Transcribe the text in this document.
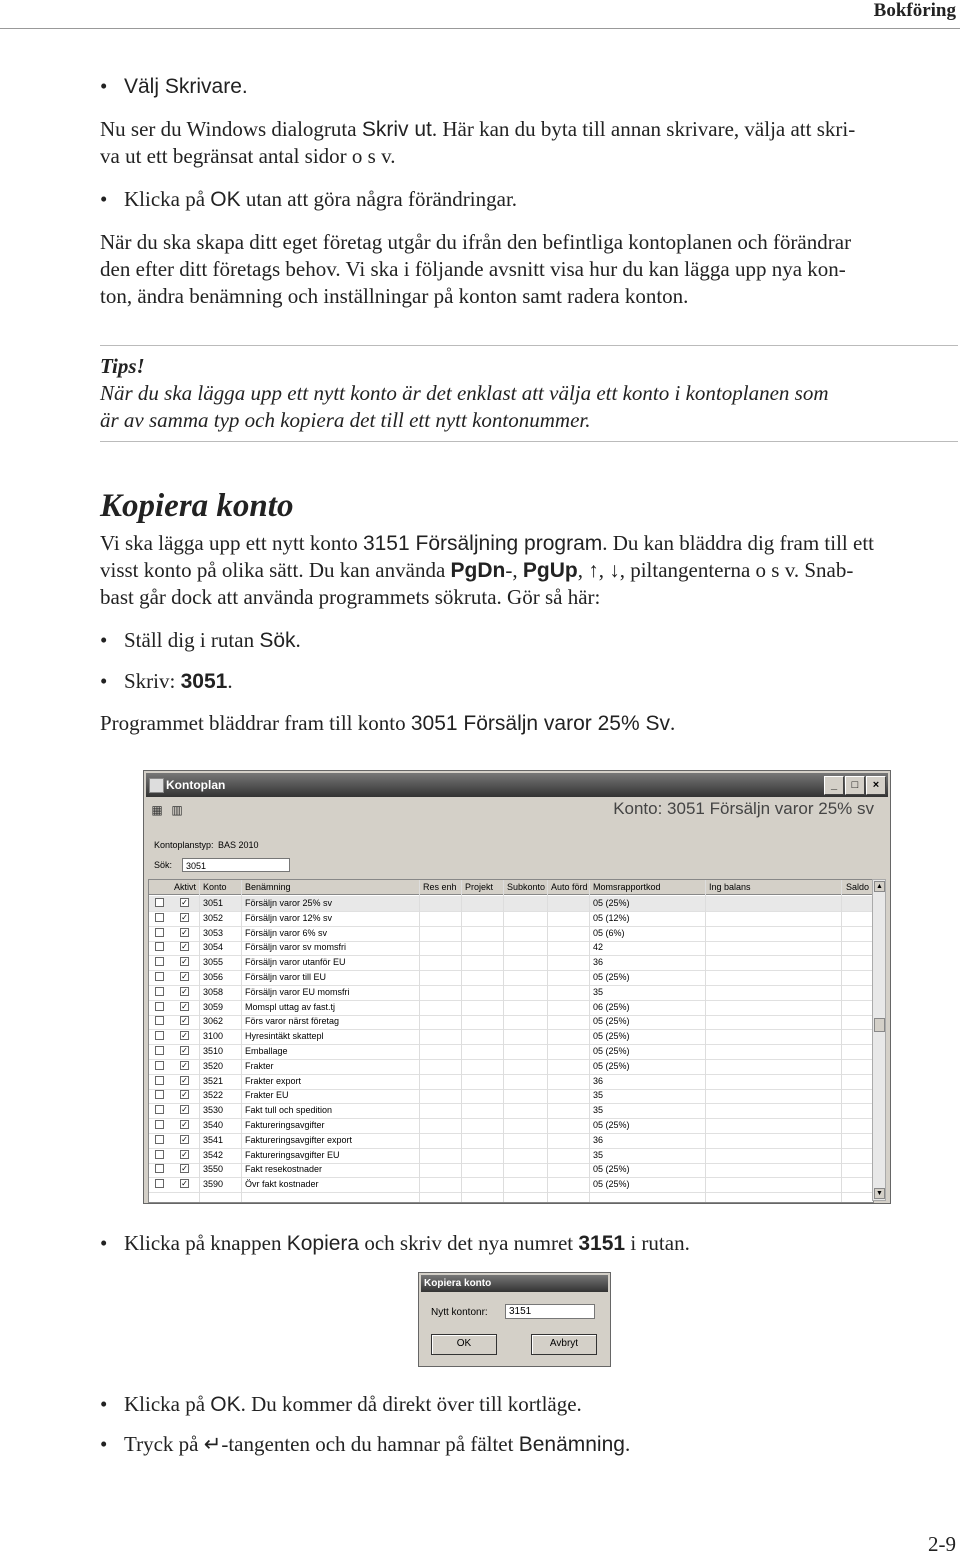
Bokföring
• Välj Skrivare.
Nu ser du Windows dialogruta Skriv ut. Här kan du byta till annan skrivare, välja att skri-
va ut ett begränsat antal sidor o s v.
• Klicka på OK utan att göra några förändringar.
När du ska skapa ditt eget företag utgår du ifrån den befintliga kontoplanen och förändrar
den efter ditt företags behov. Vi ska i följande avsnitt visa hur du kan lägga upp nya kon-
ton, ändra benämning och inställningar på konton samt radera konton.
Tips!
När du ska lägga upp ett nytt konto är det enklast att välja ett konto i kontoplanen som
är av samma typ och kopiera det till ett nytt kontonummer.
Kopiera konto
Vi ska lägga upp ett nytt konto 3151 Försäljning program. Du kan bläddra dig fram till ett
visst konto på olika sätt. Du kan använda PgDn-, PgUp, ↑, ↓, piltangenterna o s v. Snab-
bast går dock att använda programmets sökruta. Gör så här:
• Ställ dig i rutan Sök.
• Skriv: 3051.
Programmet bläddrar fram till konto 3051 Försäljn varor 25% Sv.
Kontoplan	_	□	×
▦ ▥	Konto: 3051 Försäljn varor 25% sv
Kontoplanstyp: BAS 2010
Sök:	3051
Aktivt Konto Benämning	Res enh Projekt Subkonto Auto förd Momsrapportkod	Ing balans	Saldo
✓ 3051 Försäljn varor 25% sv	05 (25%)
✓ 3052 Försäljn varor 12% sv	05 (12%)
✓ 3053 Försäljn varor 6% sv	05 (6%)
✓ 3054 Försäljn varor sv momsfri	42
✓ 3055 Försäljn varor utanför EU	36
✓ 3056 Försäljn varor till EU	05 (25%)
✓ 3058 Försäljn varor EU momsfri	35
✓ 3059 Momspl uttag av fast.tj	06 (25%)
✓ 3062 Förs varor närst företag	05 (25%)
✓ 3100 Hyresintäkt skattepl	05 (25%)
✓ 3510 Emballage	05 (25%)
✓ 3520 Frakter	05 (25%)
✓ 3521 Frakter export	36
✓ 3522 Frakter EU	35
✓ 3530 Fakt tull och spedition	35
✓ 3540 Faktureringsavgifter	05 (25%)
✓ 3541 Faktureringsavgifter export	36
✓ 3542 Faktureringsavgifter EU	35
✓ 3550 Fakt resekostnader	05 (25%)
✓ 3590 Övr fakt kostnader	05 (25%)
▲
▼
• Klicka på knappen Kopiera och skriv det nya numret 3151 i rutan.
Kopiera konto
Nytt kontonr:	3151
OK	Avbryt
• Klicka på OK. Du kommer då direkt över till kortläge.
• Tryck på ↵-tangenten och du hamnar på fältet Benämning.
2-9
